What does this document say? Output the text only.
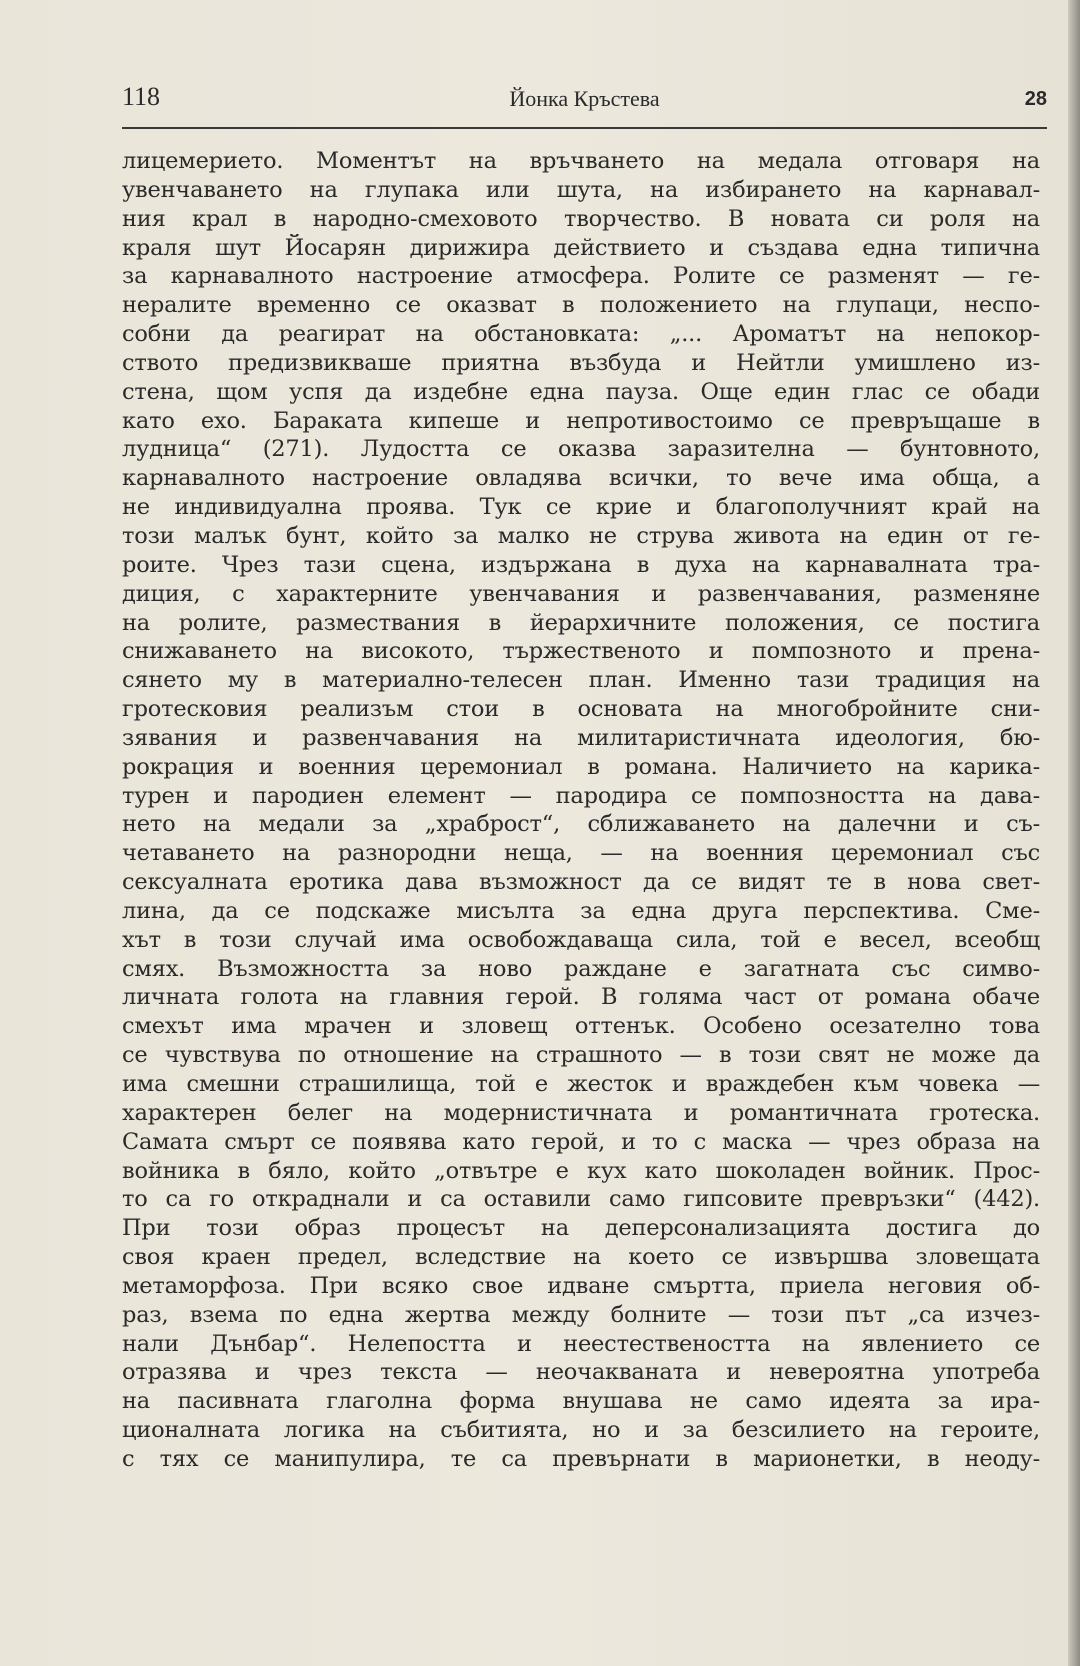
118	Йонка Кръстева	28
лицемерието. Моментът на връчването на медала отговаря на
увенчаването на глупака или шута, на избирането на карнавал-
ния крал в народно-смеховото творчество. В новата си роля на
краля шут Йосарян дирижира действието и създава една типична
за карнавалното настроение атмосфера. Ролите се разменят — ге-
нералите временно се оказват в положението на глупаци, неспо-
собни да реагират на обстановката: „... Ароматът на непокор-
ството предизвикваше приятна възбуда и Нейтли умишлено из-
стена, щом успя да издебне една пауза. Още един глас се обади
като ехо. Бараката кипеше и непротивостоимо се превръщаше в
лудница“ (271). Лудостта се оказва заразителна — бунтовното,
карнавалното настроение овладява всички, то вече има обща, а
не индивидуална проява. Тук се крие и благополучният край на
този малък бунт, който за малко не струва живота на един от ге-
роите. Чрез тази сцена, издържана в духа на карнавалната тра-
диция, с характерните увенчавания и развенчавания, разменяне
на ролите, размествания в йерархичните положения, се постига
снижаването на високото, тържественото и помпозното и прена-
сянето му в материално-телесен план. Именно тази традиция на
гротесковия реализъм стои в основата на многобройните сни-
зявания и развенчавания на милитаристичната идеология, бю-
рокрация и военния церемониал в романа. Наличието на карика-
турен и пародиен елемент — пародира се помпозността на дава-
нето на медали за „храброст“, сближаването на далечни и съ-
четаването на разнородни неща, — на военния церемониал със
сексуалната еротика дава възможност да се видят те в нова свет-
лина, да се подскаже мисълта за една друга перспектива. Сме-
хът в този случай има освобождаваща сила, той е весел, всеобщ
смях. Възможността за ново раждане е загатната със симво-
личната голота на главния герой. В голяма част от романа обаче
смехът има мрачен и зловещ оттенък. Особено осезателно това
се чувствува по отношение на страшното — в този свят не може да
има смешни страшилища, той е жесток и враждебен към човека —
характерен белег на модернистичната и романтичната гротеска.
Самата смърт се появява като герой, и то с маска — чрез образа на
войника в бяло, който „отвътре е кух като шоколаден войник. Прос-
то са го откраднали и са оставили само гипсовите превръзки“ (442).
При този образ процесът на деперсонализацията достига до
своя краен предел, вследствие на което се извършва зловещата
метаморфоза. При всяко свое идване смъртта, приела неговия об-
раз, взема по една жертва между болните — този път „са изчез-
нали Дънбар“. Нелепостта и неестествеността на явлението се
отразява и чрез текста — неочакваната и невероятна употреба
на пасивната глаголна форма внушава не само идеята за ира-
ционалната логика на събитията, но и за безсилието на героите,
с тях се манипулира, те са превърнати в марионетки, в неоду-
